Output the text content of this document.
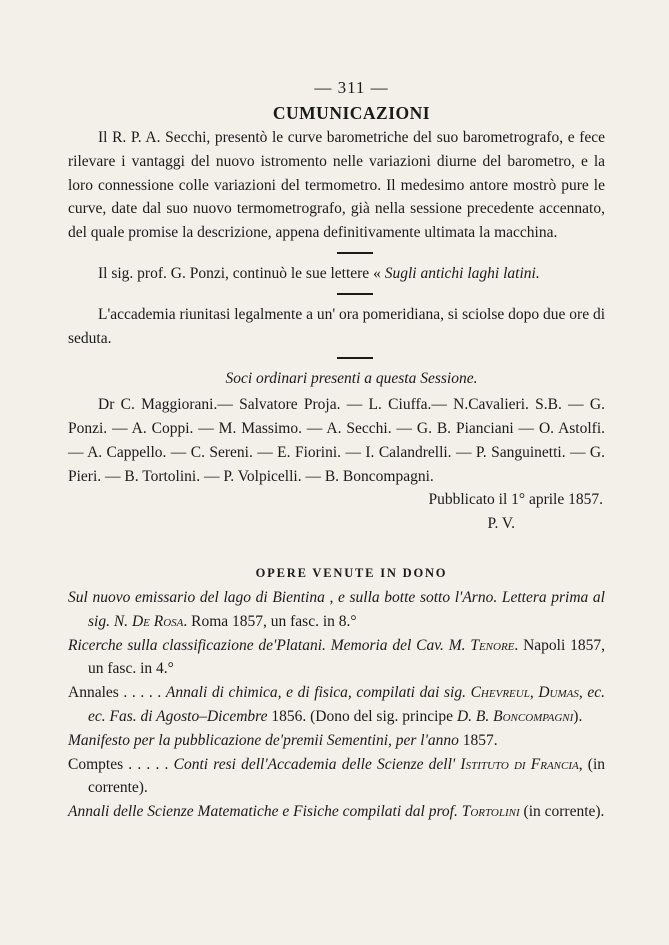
— 311 —
CUMUNICAZIONI

Il R. P. A. Secchi, presentò le curve barometriche del suo barometrografo, e fece rilevare i vantaggi del nuovo istromento nelle variazioni diurne del barometro, e la loro connessione colle variazioni del termometro. Il medesimo antore mostrò pure le curve, date dal suo nuovo termometrografo, già nella sessione precedente accennato, del quale promise la descrizione, appena definitivamente ultimata la macchina.

Il sig. prof. G. Ponzi, continuò le sue lettere « Sugli antichi laghi latini.

L'accademia riunitasi legalmente a un' ora pomeridiana, si sciolse dopo due ore di seduta.

Soci ordinari presenti a questa Sessione.

Dr C. Maggiorani.— Salvatore Proja. — L. Ciuffa.— N.Cavalieri. S.B. — G. Ponzi. — A. Coppi. — M. Massimo. — A. Secchi. — G. B. Pianciani — O. Astolfi. — A. Cappello. — C. Sereni. — E. Fiorini. — I. Calandrelli. — P. Sanguinetti. — G. Pieri. — B. Tortolini. — P. Volpicelli. — B. Boncompagni.

Pubblicato il 1° aprile 1857.

P. V.

OPERE VENUTE IN DONO

Sul nuovo emissario del lago di Bientina , e sulla botte sotto l'Arno. Lettera prima al sig. N. De Rosa. Roma 1857, un fasc. in 8.°

Ricerche sulla classificazione de'Platani. Memoria del Cav. M. Tenore. Napoli 1857, un fasc. in 4.°

Annales . . . . . Annali di chimica, e di fisica, compilati dai sig. Chevreul, Dumas, ec. ec. Fas. di Agosto–Dicembre 1856. (Dono del sig. principe D. B. Boncompagni).

Manifesto per la pubblicazione de'premii Sementini, per l'anno 1857.

Comptes . . . . . Conti resi dell'Accademia delle Scienze dell' Istituto di Francia, (in corrente).

Annali delle Scienze Matematiche e Fisiche compilati dal prof. Tortolini (in corrente).
